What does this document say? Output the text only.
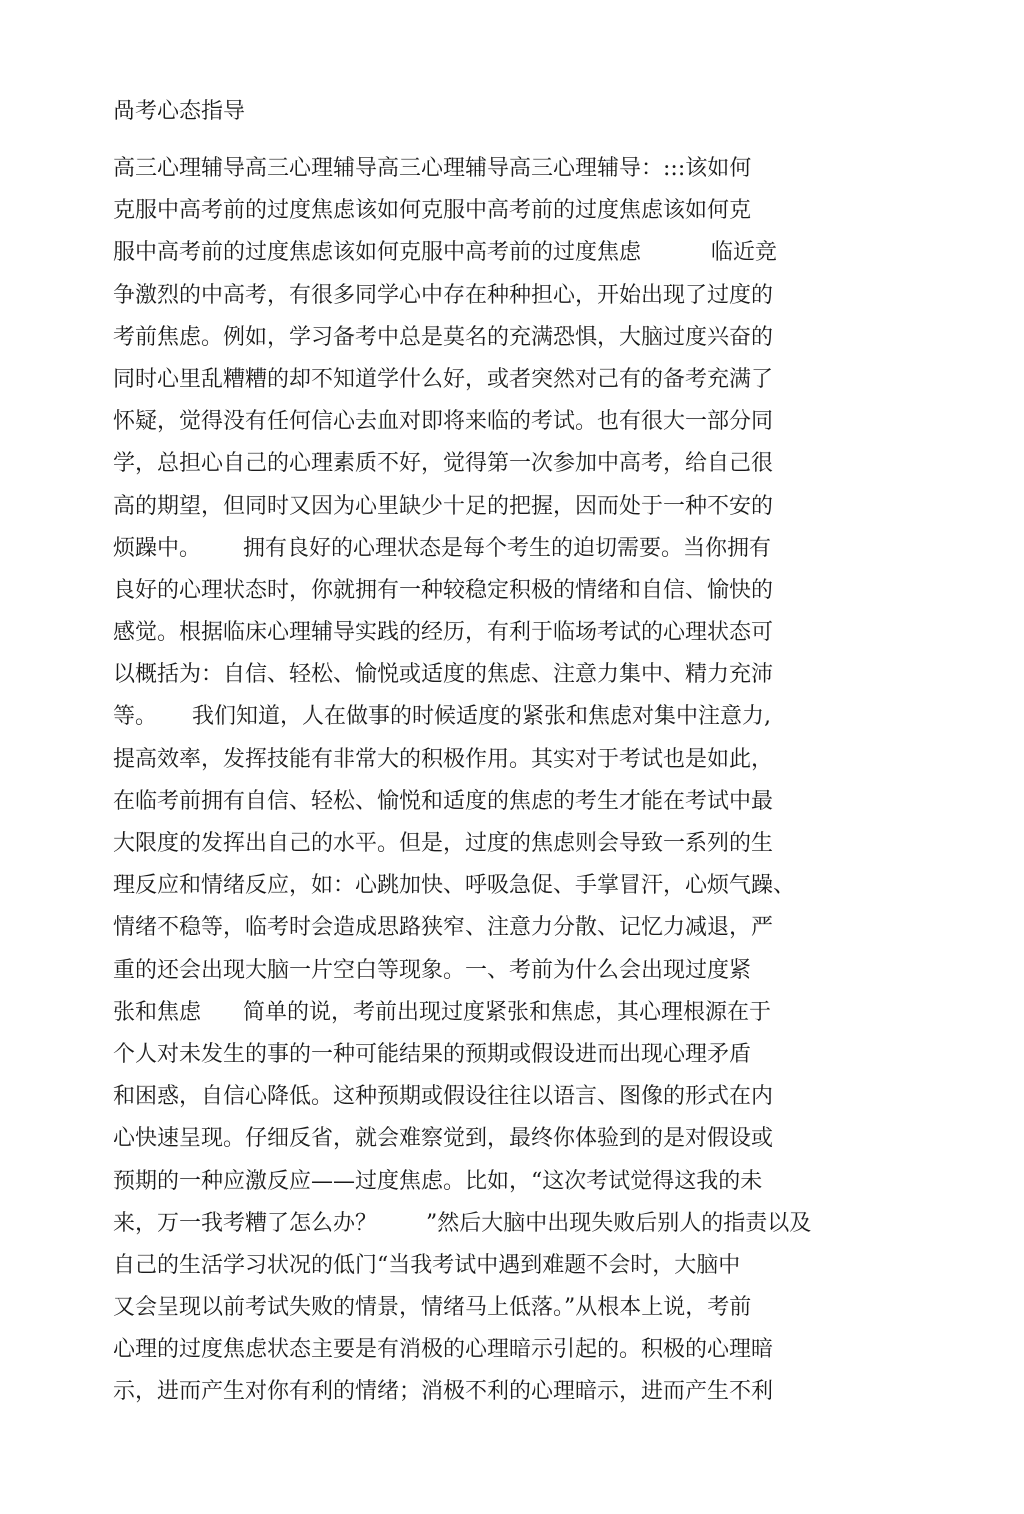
咼考心态指导
高三心理辅导高三心理辅导高三心理辅导高三心理辅导：:::该如何
克服中高考前的过度焦虑该如何克服中高考前的过度焦虑该如何克
服中高考前的过度焦虑该如何克服中高考前的过度焦虑          临近竞
争激烈的中高考，有很多同学心中存在种种担心，开始出现了过度的
考前焦虑。例如，学习备考中总是莫名的充满恐惧，大脑过度兴奋的
同时心里乱糟糟的却不知道学什么好，或者突然对己有的备考充满了
怀疑，觉得没有任何信心去血对即将来临的考试。也有很大一部分同
学，总担心自己的心理素质不好，觉得第一次参加中高考，给自己很
高的期望，但同时又因为心里缺少十足的把握，因而处于一种不安的
烦躁中。      拥有良好的心理状态是每个考生的迫切需要。当你拥有
良好的心理状态时，你就拥有一种较稳定积极的情绪和自信、愉快的
感觉。根据临床心理辅导实践的经历，有利于临场考试的心理状态可
以概括为：自信、轻松、愉悦或适度的焦虑、注意力集中、精力充沛
等。     我们知道，人在做事的时候适度的紧张和焦虑对集中注意力,
提高效率，发挥技能有非常大的积极作用。其实对于考试也是如此，
在临考前拥有自信、轻松、愉悦和适度的焦虑的考生才能在考试中最
大限度的发挥出自己的水平。但是，过度的焦虑则会导致一系列的生
理反应和情绪反应，如：心跳加快、呼吸急促、手掌冒汗，心烦气躁、
情绪不稳等，临考时会造成思路狭窄、注意力分散、记忆力减退，严
重的还会出现大脑一片空白等现象。一、考前为什么会出现过度紧
张和焦虑      简单的说，考前出现过度紧张和焦虑，其心理根源在于
个人对未发生的事的一种可能结果的预期或假设进而出现心理矛盾
和困惑，自信心降低。这种预期或假设往往以语言、图像的形式在内
心快速呈现。仔细反省，就会难察觉到，最终你体验到的是对假设或
预期的一种应激反应——过度焦虑。比如，“这次考试觉得这我的未
来，万一我考糟了怎么办？       ”然后大脑中出现失败后别人的指责以及
自己的生活学习状况的低门“当我考试中遇到难题不会时，大脑中
又会呈现以前考试失败的情景，情绪马上低落。”从根本上说，考前
心理的过度焦虑状态主要是有消极的心理暗示引起的。积极的心理暗
示，进而产生对你有利的情绪；消极不利的心理暗示，进而产生不利
